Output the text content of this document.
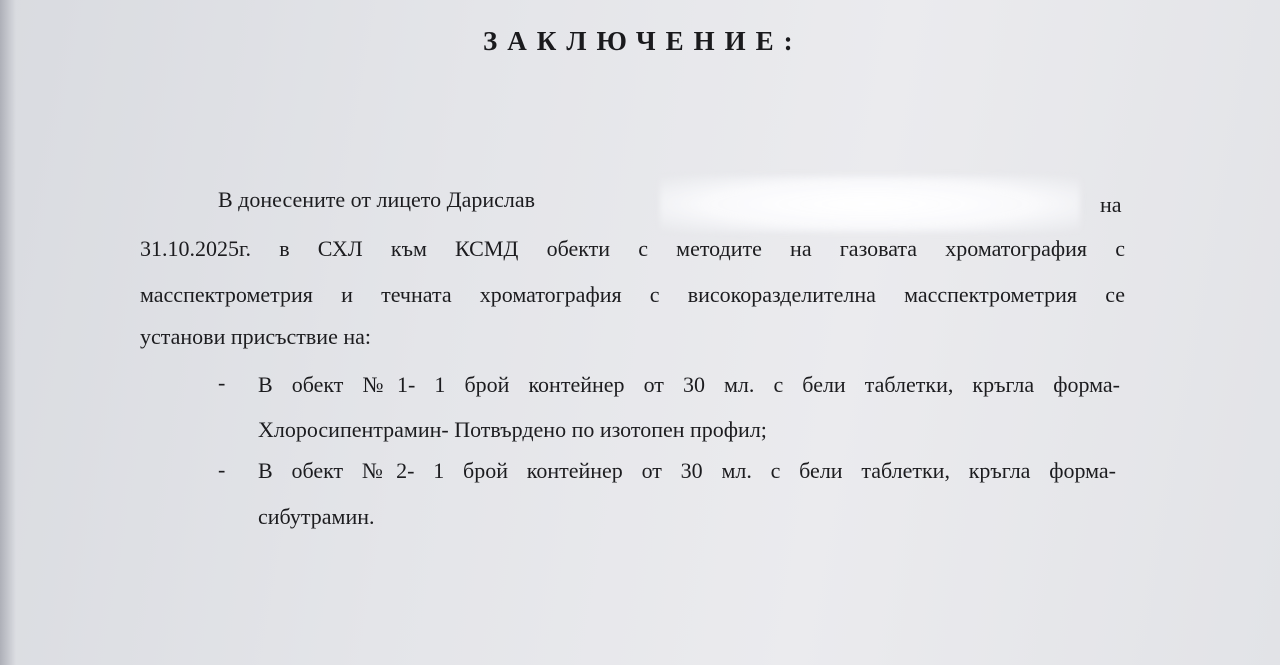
ЗАКЛЮЧЕНИЕ:
В донесените от лицето Дарислав	на
31.10.2025г. в СХЛ към КСМД обекти с методите на газовата хроматография с
масспектрометрия и течната хроматография с високоразделителна масспектрометрия се
установи присъствие на:
- В обект №1- 1 брой контейнер от 30 мл. с бели таблетки, кръгла форма-
Хлоросипентрамин- Потвърдено по изотопен профил;
- В обект №2- 1 брой контейнер от 30 мл. с бели таблетки, кръгла форма-
сибутрамин.
